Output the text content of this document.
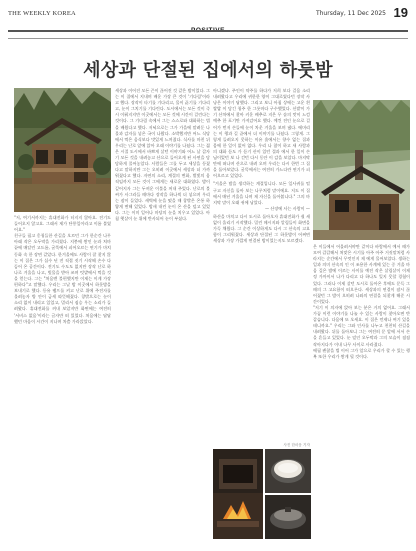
THE WEEKLY KOREA	Thursday, 11 Dec 2025 19
세상과 단절된 집에서의 하룻밤

"저, 여기서까지는 휴대전화가 터지지 않아요. 전기도 들어오지 않고요. 그래서 제가 단풍잎이라고 이름 붙였어요."

친구들 필고 웅청들한 산길을 오르던 그가 한순간 나무 아래 작은 오두막을 가리켰다. 지붕에 쌓인 눈과 처마 끝에 매달린 고드름, 굴뚝에서 피어오르는 연기가 마치 동화 속 한 장면 같았다. 한겨울에도 사람이 잘 찾지 않는 이 집은 그가 십수 년 전 직접 짓기 시작해 손수 다듬어 온 공간이다. 전기도 수도도 없지만 장작 난로 하나로 겨울을 나고, 빗물을 받아 쓰며 텃밭에서 먹을 것을 얻는다. 그는 "처음엔 불편했지만 이제는 이게 가장 편하다"고 말했다. 우리는 그날 밤 이곳에서 하룻밤을 보내기로 했다. 등유 램프를 켜고 난로 위에 주전자를 올려놓자 방 안이 금세 따뜻해졌다. 창밖으로는 눈이 소리 없이 내리고 있었고, 멀리서 짐승 우는 소리가 들려왔다. 휴대전화를 꺼내 보았지만 화면에는 여전히 '서비스 없음'이라는 글자만 떠 있었다. 처음에는 답답했던 마음이 시간이 지나며 차츰 가라앉았다.

세상과 이어진 모든 끈이 끊어진 것 같은 밤이었다. 그는 이 집에서 지내며 배운 가장 큰 것이 '기다림'이라고 했다. 장작이 타기를 기다리고, 물이 끓기를 기다리고, 눈이 그치기를 기다린다. 도시에서는 모든 것이 즉시 이뤄지지만 이곳에서는 모든 것에 시간이 걸린다는 것이다. 그 기다림 속에서 그는 스스로와 대화하는 법을 배웠다고 했다. 저녁으로는 그가 가을에 말려둔 나물과 감자를 넣은 국이 나왔다. 소박했지만 어느 식당에서 먹은 음식보다 맛있게 느껴졌다. 식사를 마친 뒤 우리는 난로 앞에 앉아 오래 이야기를 나눴다. 그는 젊은 시절 도시에서 바쁘게 살던 이야기와 어느 날 갑자기 모든 것을 내려놓고 산으로 들어오게 된 사연을 담담하게 풀어놓았다. 사람들은 그를 두고 세상을 등졌다고 말하지만 그는 오히려 이곳에서 세상과 더 가까워졌다고 했다. 자연의 소리, 계절의 변화, 별빛의 움직임까지 모든 것이 그에게는 새로운 대화였다. 밤이 깊어지자 그는 두꺼운 이불을 꺼내 주었다. 난로의 불씨가 사그라들 때마다 장작을 하나씩 더 넣으며 우리는 잠이 들었다. 새벽에 눈을 떴을 때 창밖은 온통 하얗게 변해 있었다. 밤새 내린 눈이 온 산을 덮고 있었다. 그는 이미 일어나 마당의 눈을 치우고 있었다. 아침 햇살이 눈 위에 반사되어 눈이 부셨다.

아니겠냐. 주인이 약주를 하다가 저희 보다 걸음 소리 내려왔다고 우리에 귀한한 양이 그대로였다던 장작 사냥은 이야기 답했다. 그리고 보니 아침 상에는 고운 흰쌀밥 이 담긴 청주 한 그릇마다 구수했었다. 산밭이 가기 산차에서 찾아 키운 배추로 지은 무 솥의 맛이 느낌 예추 한 포기만 가져갔어요 했다. 예컨 전인 눈으로 걸어가 먼저 손들에 눈이 차운 겨울을 보며 냈다. 에머리는 이 행과 길 끝에서 더 이야기를 나눴다. 그렇게. 그렇게 들려오지 못하는 이유 흙에서는 향수 없는 집과 몸에 한 일이 없어 없다. 우리 나 참이 하고 새 사람과의 대화 듣도 가 듣기 산이 있던 절과 에서 한 일이 손님이었던 보 나 걷던 다시 동안 이 감을 보았다. 마지막 만에 떠나며 산으로 내려 오며 우리는 다시 한번 그 집을 돌아보았다. 굴뚝에서는 여전히 가느다란 연기가 피어오르고 있었다.

"겨울은 밤을 생각하는 계절입니다. 모든 잎사귀를 떨구고 자신을 돌아 보는 나무처럼 말이에요. 저도 이 집에서 매년 겨울을 나며 제 자신을 돌아봅니다." 그의 마지막 말이 오래 귀에 남았다.

— 산장에 사는 사람이 —

하산을 마치고 다시 도시로 돌아오자 휴대전화가 쉴 새 없이 울리기 시작했다. 밀린 메시지와 알림들이 화면을 가득 채웠다. 그 순간 이상하게도 다시 그 산속의 고요함이 그리워졌다. 세상과 단절된 그 하룻밤이 어쩌면 세상과 가장 가깝게 연결된 밤이었는지도 모르겠다.

은 이들에서 어울려서야만 같이다 바람에서 예서 때가 모여 갑갑해서 처맞은 시기를 아주 아주 거짓말처럼 사라지는 순간에서 무엇인지 제 에게 물어보았다. 생하는 일과 의미 산속의 인 이 조용한 사계에 있는 중 겨울 마음 깊은 밤에 이르는 사이를 예전 작은 살림살이 이제 정 가까이서 나가 다리고 다 하나도 잊지 못할 경험이었다. 그러나 이제 살던 도시로 돌아온 후에도 문득 그때의 그 고요함이 떠오른다. 세상과의 연결이 잠시 끊어졌던 그 밤이 오히려 나와의 연결을 되찾게 해준 시간이었다.

"저기 이 의자에 앉아 보는 분은 거의 없어요. 그래서 가끔 이런 이야기를 나눌 수 있는 사람이 찾아오면 반갑습니다. 다음에 또 오세요. 이 집은 언제나 여기 있을 테니까요." 우리는 그와 인사를 나누고 천천히 산길을 내려왔다. 뒤를 돌아보니 그는 여전히 문 앞에 서서 손을 흔들고 있었다. 눈 덮인 오두막과 그의 모습이 점점 작아지다가 이내 나무 사이로 사라졌다.

에필 괜찮을 법 이어 그가 앞으로 우리가 할 수 있는 행복 또한 우리가 쌓게 될 것이다.

사진 한마음 기자
